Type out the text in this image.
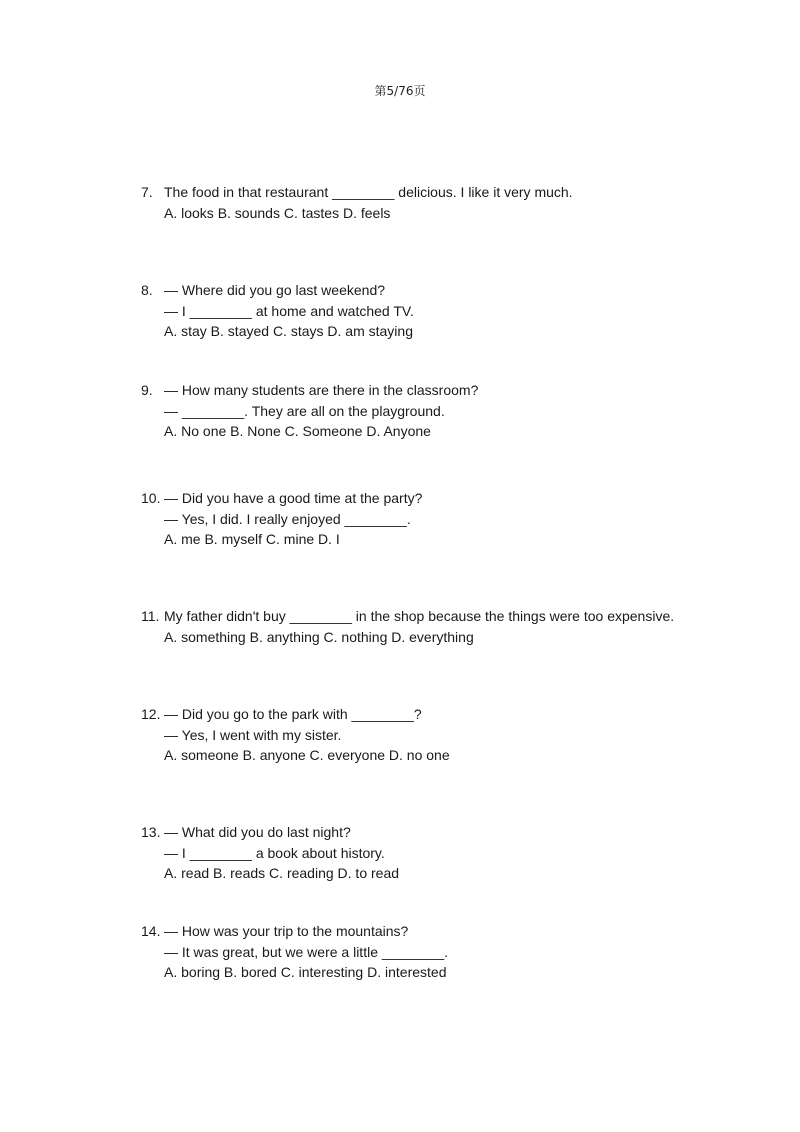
第5/76页
7. The food in that restaurant ________ delicious. I like it very much.
A. looks B. sounds C. tastes D. feels
8. — Where did you go last weekend?
— I ________ at home and watched TV.
A. stay B. stayed C. stays D. am staying
9. — How many students are there in the classroom?
— ________. They are all on the playground.
A. No one B. None C. Someone D. Anyone
10. — Did you have a good time at the party?
— Yes, I did. I really enjoyed ________.
A. me B. myself C. mine D. I
11. My father didn't buy ________ in the shop because the things were too expensive.
A. something B. anything C. nothing D. everything
12. — Did you go to the park with ________?
— Yes, I went with my sister.
A. someone B. anyone C. everyone D. no one
13. — What did you do last night?
— I ________ a book about history.
A. read B. reads C. reading D. to read
14. — How was your trip to the mountains?
— It was great, but we were a little ________.
A. boring B. bored C. interesting D. interested
